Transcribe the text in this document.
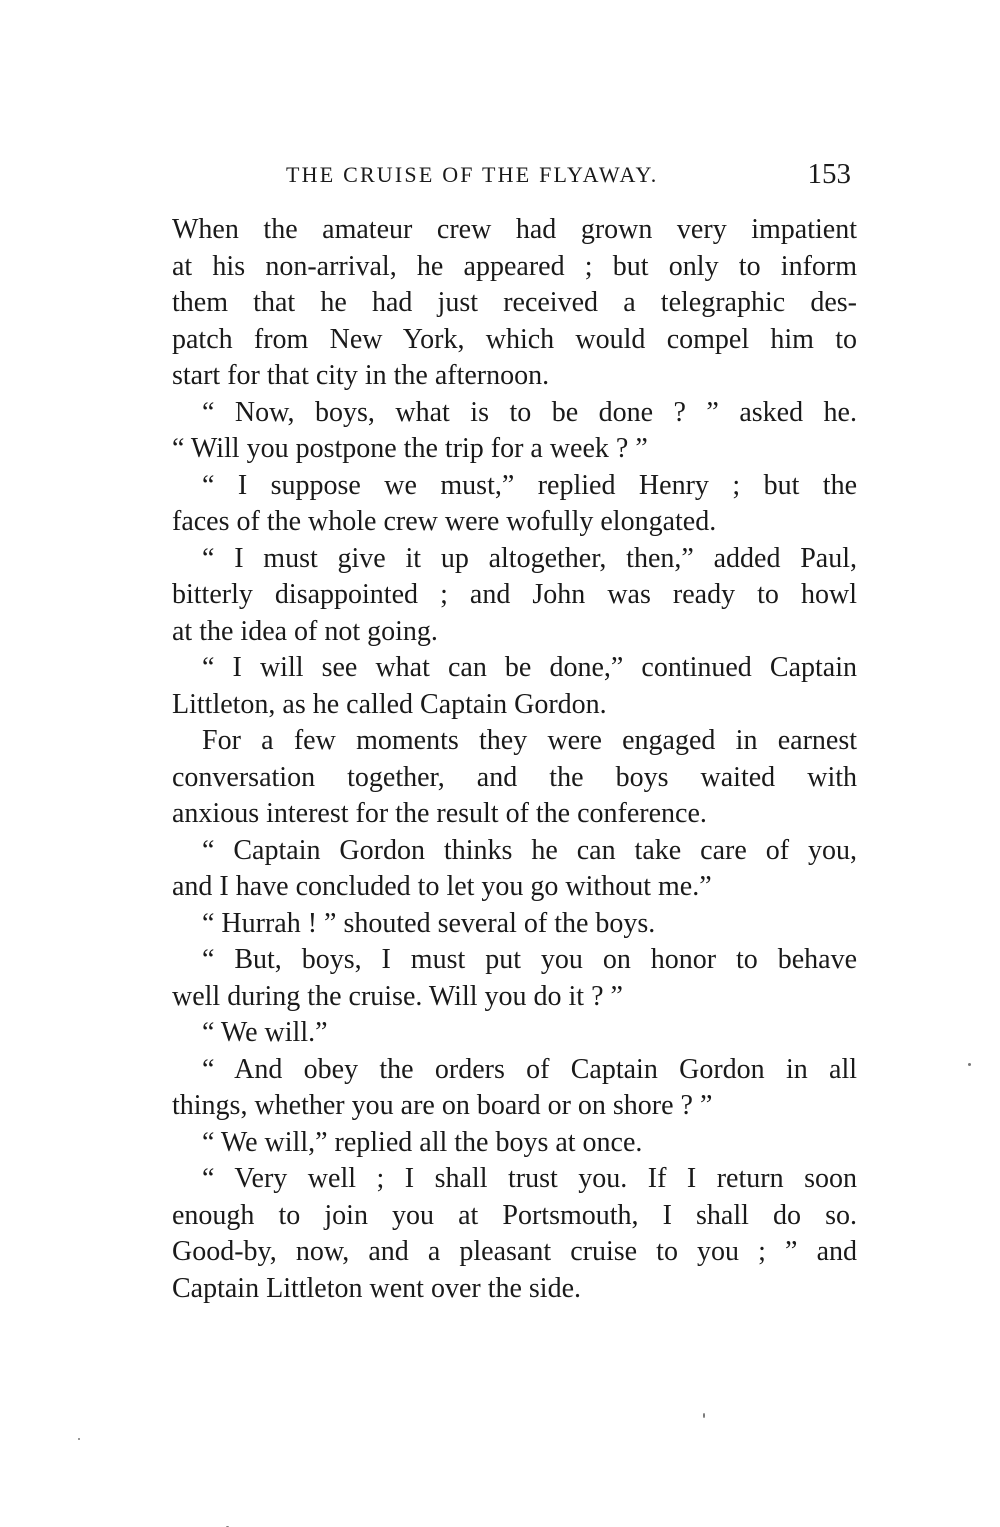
THE CRUISE OF THE FLYAWAY.	153
When the amateur crew had grown very impatient
at his non-arrival, he appeared ; but only to inform
them that he had just received a telegraphic des-
patch from New York, which would compel him to
start for that city in the afternoon.
“ Now, boys, what is to be done ? ” asked he.
“ Will you postpone the trip for a week ? ”
“ I suppose we must,” replied Henry ; but the
faces of the whole crew were wofully elongated.
“ I must give it up altogether, then,” added Paul,
bitterly disappointed ; and John was ready to howl
at the idea of not going.
“ I will see what can be done,” continued Captain
Littleton, as he called Captain Gordon.
For a few moments they were engaged in earnest
conversation together, and the boys waited with
anxious interest for the result of the conference.
“ Captain Gordon thinks he can take care of you,
and I have concluded to let you go without me.”
“ Hurrah ! ” shouted several of the boys.
“ But, boys, I must put you on honor to behave
well during the cruise. Will you do it ? ”
“ We will.”
“ And obey the orders of Captain Gordon in all
things, whether you are on board or on shore ? ”
“ We will,” replied all the boys at once.
“ Very well ; I shall trust you. If I return soon
enough to join you at Portsmouth, I shall do so.
Good-by, now, and a pleasant cruise to you ; ” and
Captain Littleton went over the side.
